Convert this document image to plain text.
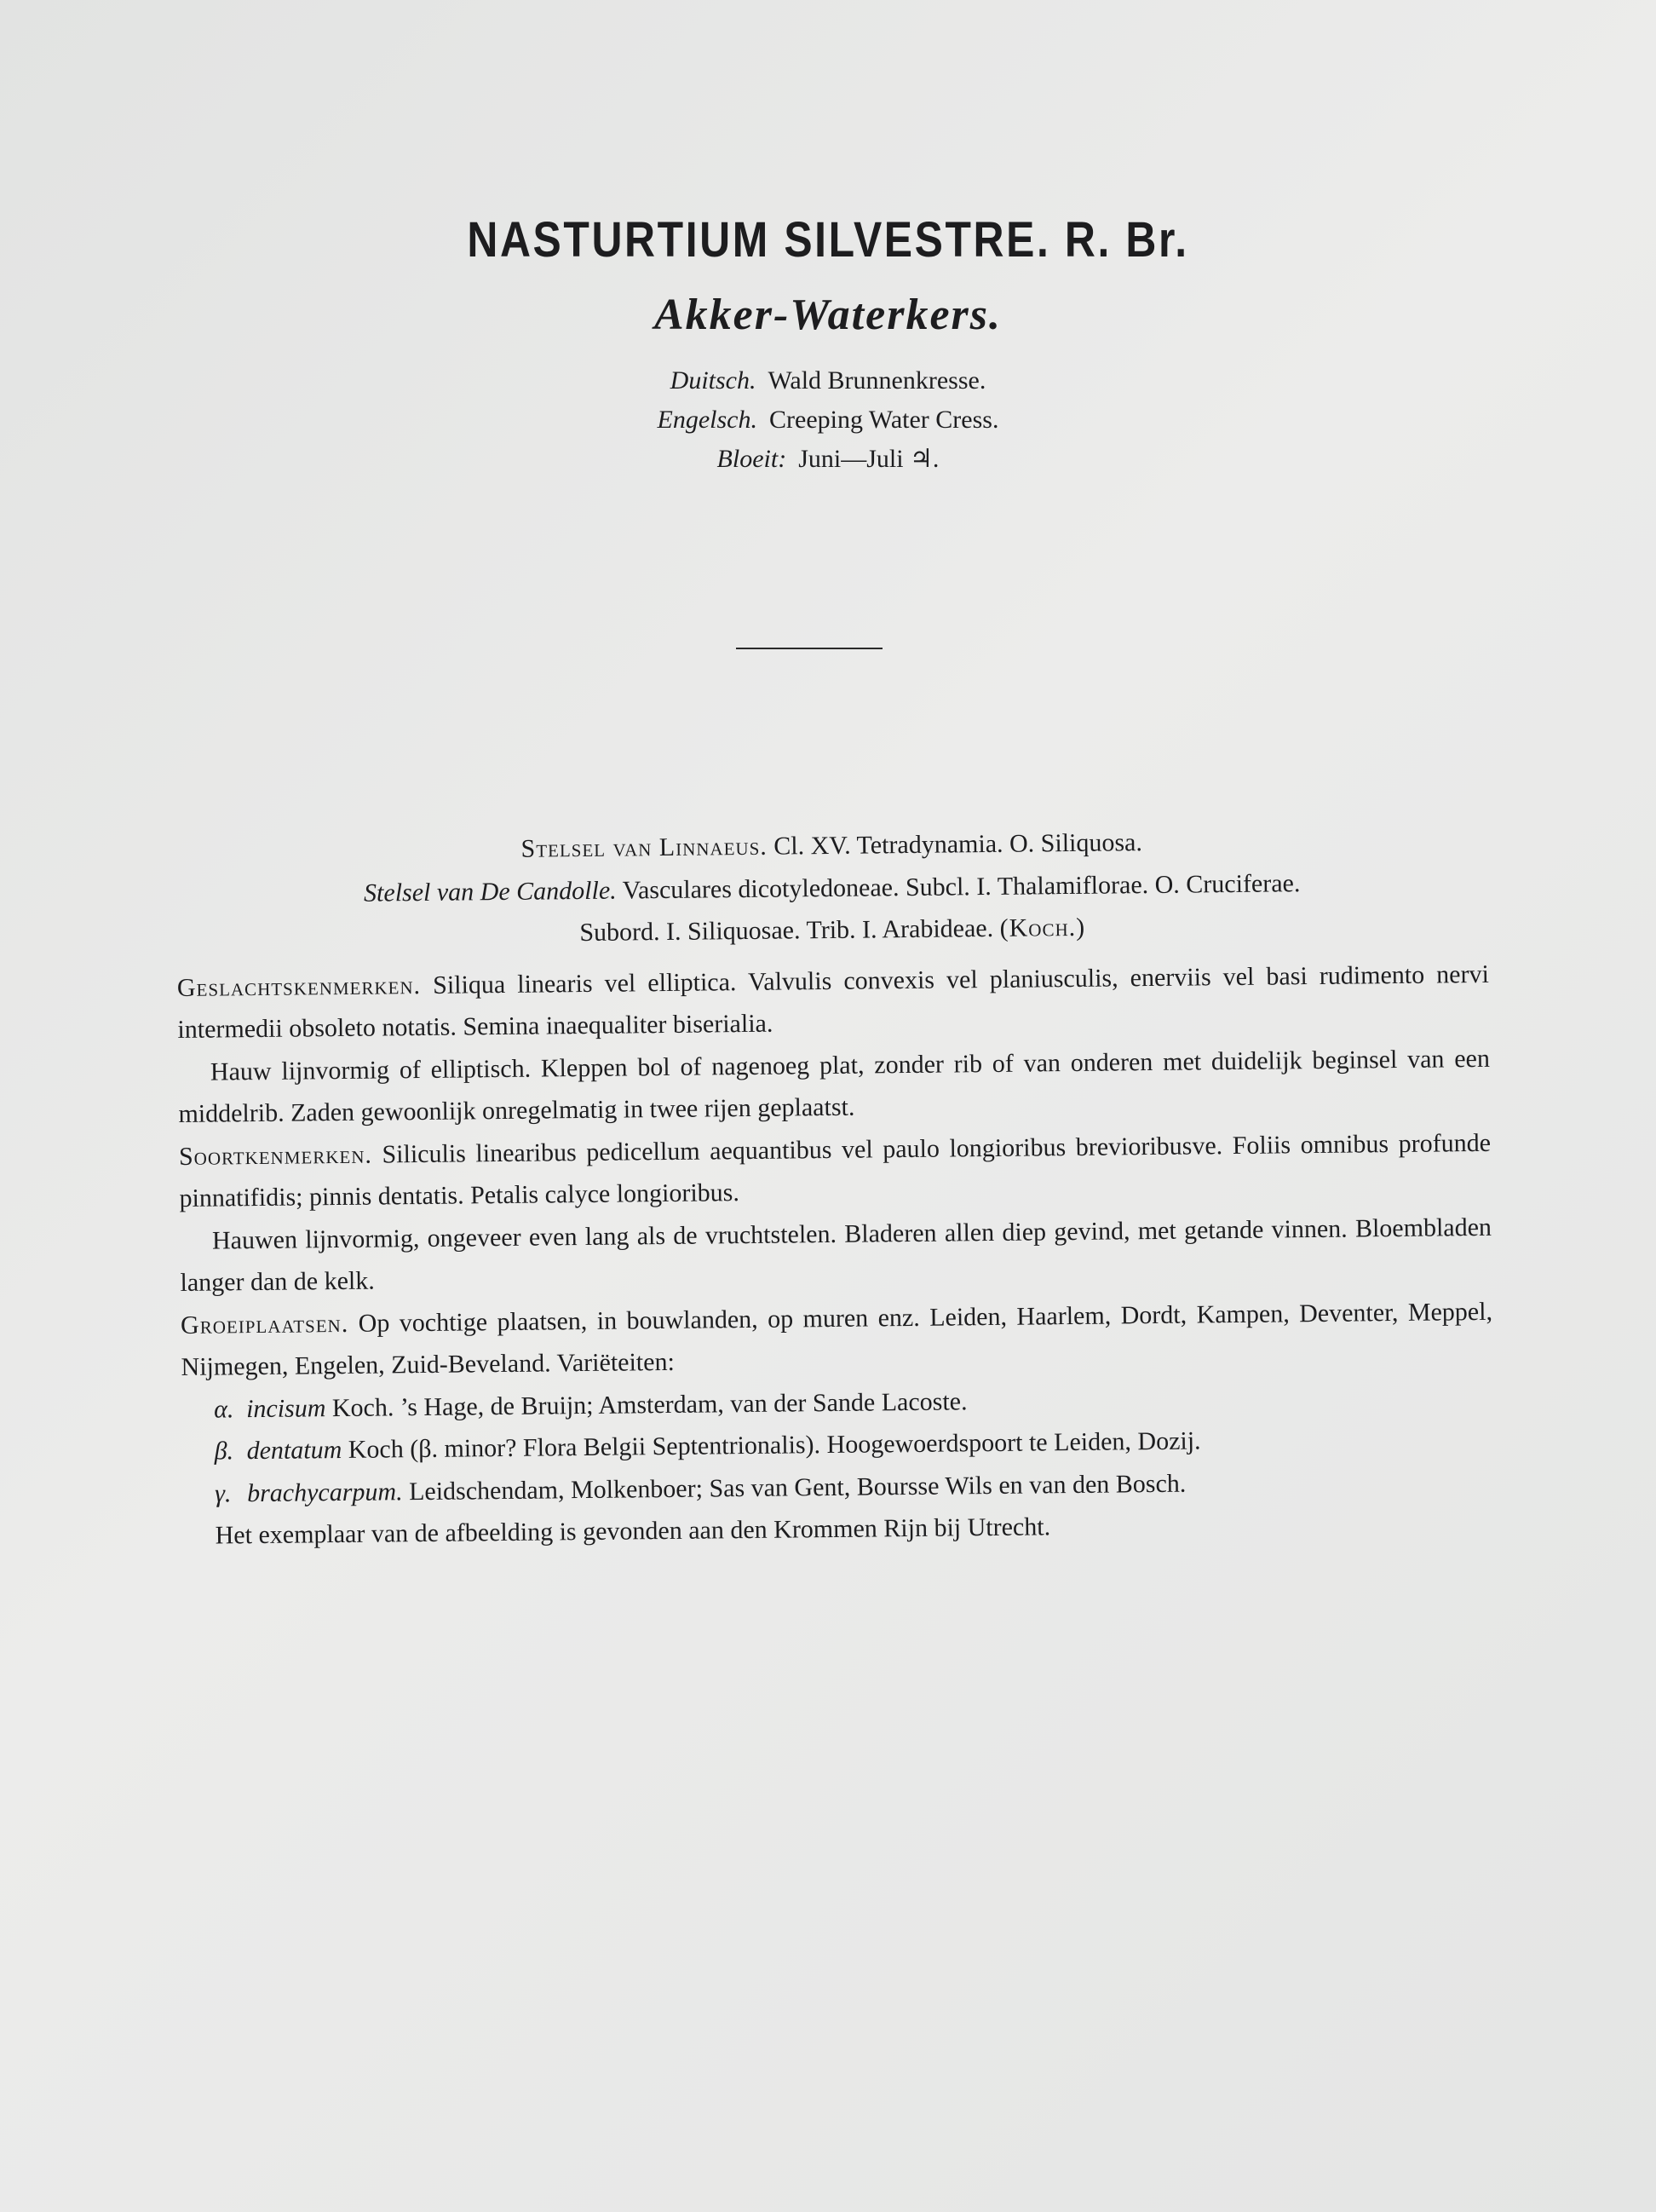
NASTURTIUM SILVESTRE. R. Br.
Akker-Waterkers.
Duitsch. Wald Brunnenkresse.
Engelsch. Creeping Water Cress.
Bloeit: Juni—Juli ♃.

Stelsel van Linnaeus. Cl. XV. Tetradynamia. O. Siliquosa.

Stelsel van De Candolle. Vasculares dicotyledoneae. Subcl. I. Thalamiflorae. O. Cruciferae.

Subord. I. Siliquosae. Trib. I. Arabideae. (Koch.)

Geslachtskenmerken. Siliqua linearis vel elliptica. Valvulis convexis vel planiusculis, enerviis vel basi rudimento nervi intermedii obsoleto notatis. Semina inaequaliter biserialia.

Hauw lijnvormig of elliptisch. Kleppen bol of nagenoeg plat, zonder rib of van onderen met duidelijk beginsel van een middelrib. Zaden gewoonlijk onregelmatig in twee rijen geplaatst.

Soortkenmerken. Siliculis linearibus pedicellum aequantibus vel paulo longioribus brevioribusve. Foliis omnibus profunde pinnatifidis; pinnis dentatis. Petalis calyce longioribus.

Hauwen lijnvormig, ongeveer even lang als de vruchtstelen. Bladeren allen diep gevind, met getande vinnen. Bloembladen langer dan de kelk.

Groeiplaatsen. Op vochtige plaatsen, in bouwlanden, op muren enz. Leiden, Haarlem, Dordt, Kampen, Deventer, Meppel, Nijmegen, Engelen, Zuid-Beveland. Variëteiten:

α. incisum Koch. ’s Hage, de Bruijn; Amsterdam, van der Sande Lacoste.

β. dentatum Koch (β. minor? Flora Belgii Septentrionalis). Hoogewoerdspoort te Leiden, Dozij.

γ. brachycarpum. Leidschendam, Molkenboer; Sas van Gent, Boursse Wils en van den Bosch.

Het exemplaar van de afbeelding is gevonden aan den Krommen Rijn bij Utrecht.
